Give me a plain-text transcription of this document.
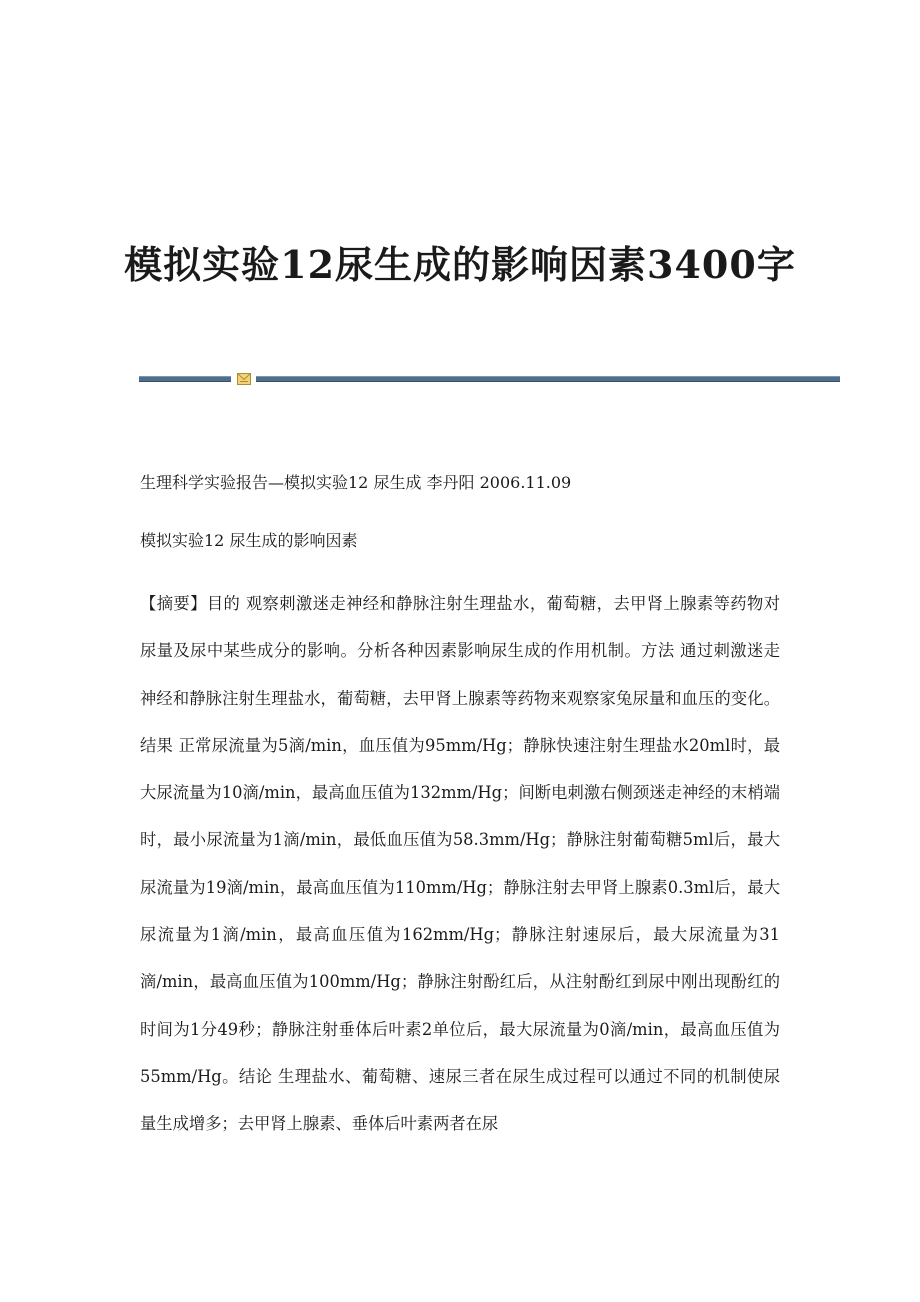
模拟实验12尿生成的影响因素3400字

生理科学实验报告—模拟实验12 尿生成 李丹阳 2006.11.09

模拟实验12 尿生成的影响因素

【摘要】目的 观察刺激迷走神经和静脉注射生理盐水，葡萄糖，去甲肾上腺素等药物对尿量及尿中某些成分的影响。分析各种因素影响尿生成的作用机制。方法 通过刺激迷走神经和静脉注射生理盐水，葡萄糖，去甲肾上腺素等药物来观察家兔尿量和血压的变化。结果 正常尿流量为5滴/min，血压值为95mm/Hg；静脉快速注射生理盐水20ml时，最大尿流量为10滴/min，最高血压值为132mm/Hg；间断电刺激右侧颈迷走神经的末梢端时，最小尿流量为1滴/min，最低血压值为58.3mm/Hg；静脉注射葡萄糖5ml后，最大尿流量为19滴/min，最高血压值为110mm/Hg；静脉注射去甲肾上腺素0.3ml后，最大尿流量为1滴/min，最高血压值为162mm/Hg；静脉注射速尿后，最大尿流量为31滴/min，最高血压值为100mm/Hg；静脉注射酚红后，从注射酚红到尿中刚出现酚红的时间为1分49秒；静脉注射垂体后叶素2单位后，最大尿流量为0滴/min，最高血压值为55mm/Hg。结论 生理盐水、葡萄糖、速尿三者在尿生成过程可以通过不同的机制使尿量生成增多；去甲肾上腺素、垂体后叶素两者在尿
